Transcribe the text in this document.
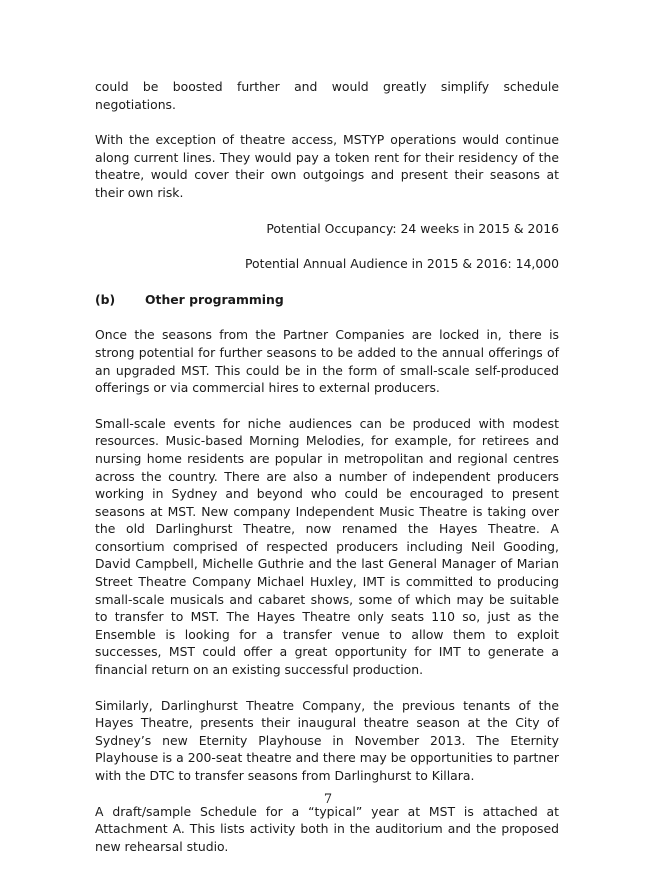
could be boosted further and would greatly simplify schedule negotiations.

With the exception of theatre access, MSTYP operations would continue along current lines. They would pay a token rent for their residency of the theatre, would cover their own outgoings and present their seasons at their own risk.

Potential Occupancy: 24 weeks in 2015 & 2016

Potential Annual Audience in 2015 & 2016: 14,000

(b)	Other programming

Once the seasons from the Partner Companies are locked in, there is strong potential for further seasons to be added to the annual offerings of an upgraded MST. This could be in the form of small-scale self-produced offerings or via commercial hires to external producers.

Small-scale events for niche audiences can be produced with modest resources. Music-based Morning Melodies, for example, for retirees and nursing home residents are popular in metropolitan and regional centres across the country. There are also a number of independent producers working in Sydney and beyond who could be encouraged to present seasons at MST. New company Independent Music Theatre is taking over the old Darlinghurst Theatre, now renamed the Hayes Theatre. A consortium comprised of respected producers including Neil Gooding, David Campbell, Michelle Guthrie and the last General Manager of Marian Street Theatre Company Michael Huxley, IMT is committed to producing small-scale musicals and cabaret shows, some of which may be suitable to transfer to MST. The Hayes Theatre only seats 110 so, just as the Ensemble is looking for a transfer venue to allow them to exploit successes, MST could offer a great opportunity for IMT to generate a financial return on an existing successful production.

Similarly, Darlinghurst Theatre Company, the previous tenants of the Hayes Theatre, presents their inaugural theatre season at the City of Sydney’s new Eternity Playhouse in November 2013. The Eternity Playhouse is a 200-seat theatre and there may be opportunities to partner with the DTC to transfer seasons from Darlinghurst to Killara.

A draft/sample Schedule for a “typical” year at MST is attached at Attachment A. This lists activity both in the auditorium and the proposed new rehearsal studio.

7
